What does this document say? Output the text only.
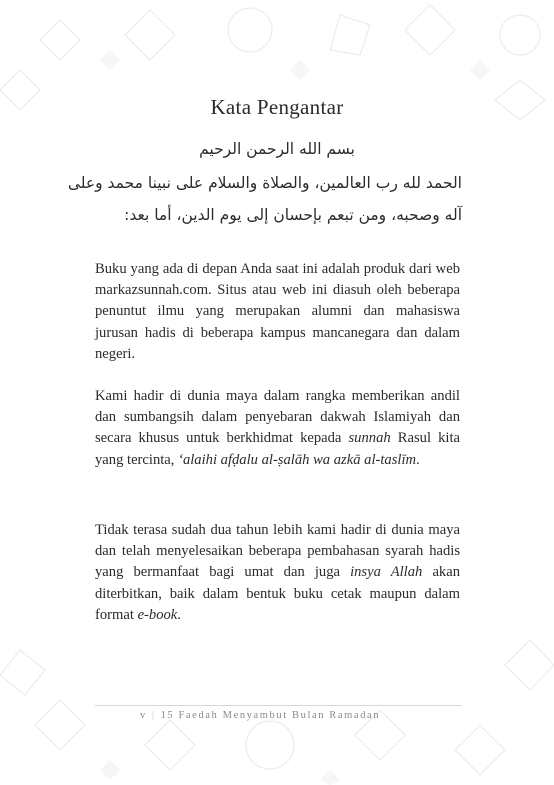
Kata Pengantar
بسم الله الرحمن الرحيم
الحمد لله رب العالمين، والصلاة والسلام على نبينا محمد وعلى
آله وصحبه، ومن تبعم بإحسان إلى يوم الدين، أما بعد:

Buku yang ada di depan Anda saat ini adalah produk dari web markazsunnah.com. Situs atau web ini diasuh oleh beberapa penuntut ilmu yang merupakan alumni dan mahasiswa jurusan hadis di beberapa kampus mancanegara dan dalam negeri.

Kami hadir di dunia maya dalam rangka memberikan andil dan sumbangsih dalam penyebaran dakwah Islamiyah dan secara khusus untuk berkhidmat kepada sunnah Rasul kita yang tercinta, ‘alaihi afḍalu al-ṣalāh wa azkā al-taslīm.

Tidak terasa sudah dua tahun lebih kami hadir di dunia maya dan telah menyelesaikan beberapa pembahasan syarah hadis yang bermanfaat bagi umat dan juga insya Allah akan diterbitkan, baik dalam bentuk buku cetak maupun dalam format e-book.

v | 15 Faedah Menyambut Bulan Ramadan
